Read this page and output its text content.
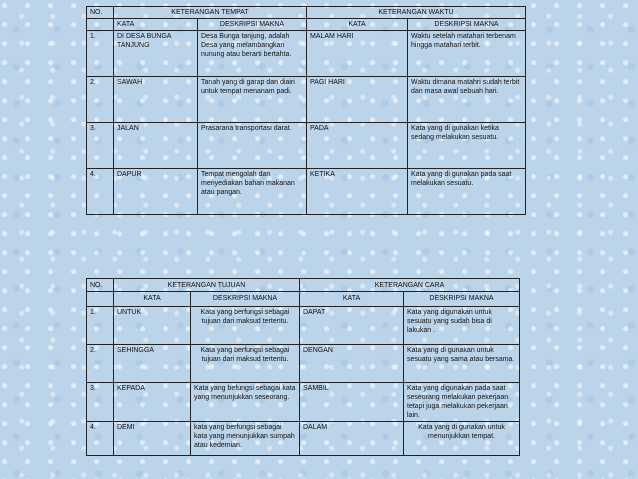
NO.	KETERANGAN TEMPAT		KETERANGAN WAKTU	
	KATA	DESKRIPSI MAKNA	KATA	DESKRIPSI MAKNA
1.	DI DESA BUNGA TANJUNG	Desa Bunga tanjung, adalah Desa yang melambangkan nunung atau berarti bertahta.	MALAM HARI	Waktu setelah matahari terbenam hingga matahari terbit.
2.	SAWAH	Tanah yang di garap dan diairi untuk tempat menanam padi.	PAGI HARI	Waktu dimana matahri sudah terbit dan masa awal sebuah hari.
3.	JALAN	Prasarana transportasi darat.	PADA	Kata yang di gunakan ketika sedang melakukan sesuatu.
4.	DAPUR	Tempat mengolah dan menyediakan bahan makanan atau pangan.	KETIKA	Kata yang di gunakan pada saat melakukan sesuatu.
NO.	KETERANGAN TUJUAN		KETERANGAN CARA	
	KATA	DESKRIPSI MAKNA	KATA	DESKRIPSI MAKNA
1.	UNTUK	Kata yang berfungsi sebagai tujuan dari maksud tertentu.	DAPAT	Kata yang digunakan untuk sesuatu yang sudah bisa di lakukan .
2.	SEHINGGA	Kata yang berfungsi sebagai tujuan dari maksud tertentu.	DENGAN	Kata yang di gunakan untuk sesuatu yang sama atau bersama.
3.	KEPADA	Kata yang befungsi sebagai kata yang menunjukkan seseorang.	SAMBIL	Kata yang digunakan pada saat seseorang melakukan pekerjaan tetapi juga melakukan pekerjaan lain.
4.	DEMI	kata yang berfungsi sebagai kata yang menunjukkan sumpah atau kedemian.	DALAM	Kata yang di gunakan untuk menunjukkan tempat.
